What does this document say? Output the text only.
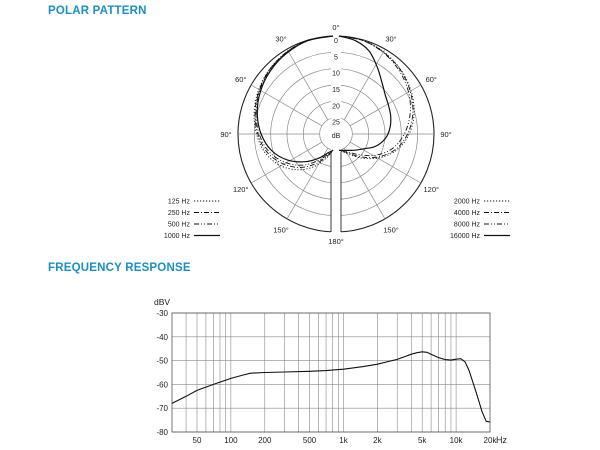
POLAR PATTERN
FREQUENCY RESPONSE
0
5
10
15
20
25
dB
0°
30°
60°
90°
120°
150°
180°
150°
120°
90°
60°
30°
125 Hz
250 Hz
500 Hz
1000 Hz
2000 Hz
4000 Hz
8000 Hz
16000 Hz
-30
-40
-50
-60
-70
-80
50	100	200	500	1k	2k	5k	10k	20k Hz
dBV
